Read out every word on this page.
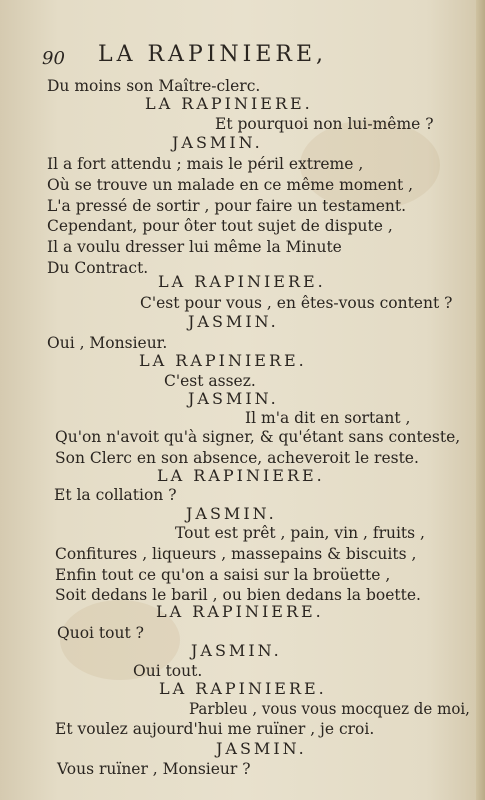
90 LA RAPINIERE,
Du moins son Maître-clerc.
LA RAPINIERE.
Et pourquoi non lui-même ?
JASMIN.
Il a fort attendu ; mais le péril extreme ,
Où se trouve un malade en ce même moment ,
L'a pressé de sortir , pour faire un testament.
Cependant, pour ôter tout sujet de dispute ,
Il a voulu dresser lui même la Minute
Du Contract.
LA RAPINIERE.
C'est pour vous , en êtes-vous content ?
JASMIN.
Oui , Monsieur.
LA RAPINIERE.
C'est assez.
JASMIN.
Il m'a dit en sortant ,
Qu'on n'avoit qu'à signer, & qu'étant sans conteste,
Son Clerc en son absence, acheveroit le reste.
LA RAPINIERE.
Et la collation ?
JASMIN.
Tout est prêt , pain, vin , fruits ,
Confitures , liqueurs , massepains & biscuits ,
Enfin tout ce qu'on a saisi sur la broüette ,
Soit dedans le baril , ou bien dedans la boette.
LA RAPINIERE.
Quoi tout ?
JASMIN.
Oui tout.
LA RAPINIERE.
Parbleu , vous vous mocquez de moi,
Et voulez aujourd'hui me ruïner , je croi.
JASMIN.
Vous ruïner , Monsieur ?
